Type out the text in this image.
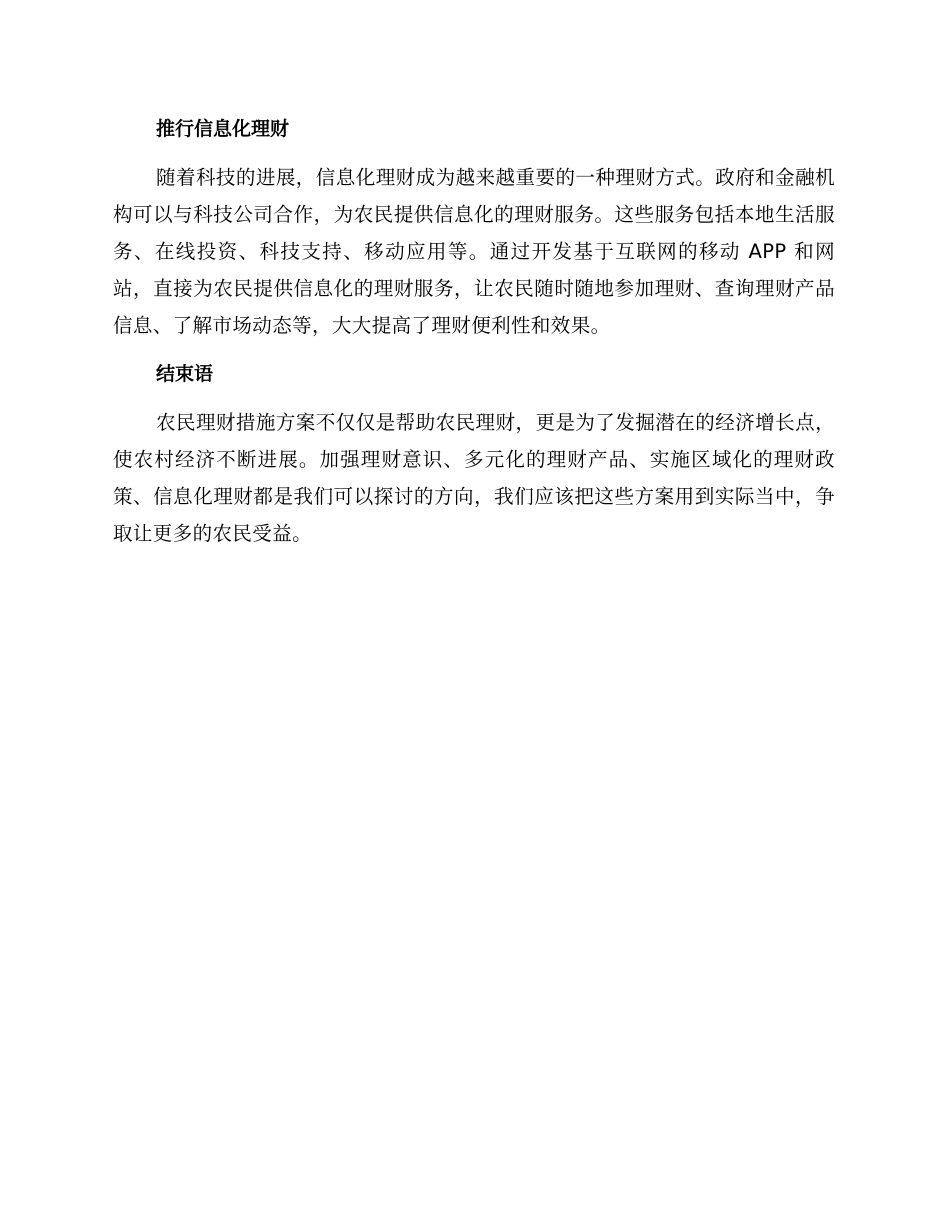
推行信息化理财

随着科技的进展，信息化理财成为越来越重要的一种理财方式。政府和金融机构可以与科技公司合作，为农民提供信息化的理财服务。这些服务包括本地生活服务、在线投资、科技支持、移动应用等。通过开发基于互联网的移动 APP 和网站，直接为农民提供信息化的理财服务，让农民随时随地参加理财、查询理财产品信息、了解市场动态等，大大提高了理财便利性和效果。

结束语

农民理财措施方案不仅仅是帮助农民理财，更是为了发掘潜在的经济增长点，使农村经济不断进展。加强理财意识、多元化的理财产品、实施区域化的理财政策、信息化理财都是我们可以探讨的方向，我们应该把这些方案用到实际当中，争取让更多的农民受益。
